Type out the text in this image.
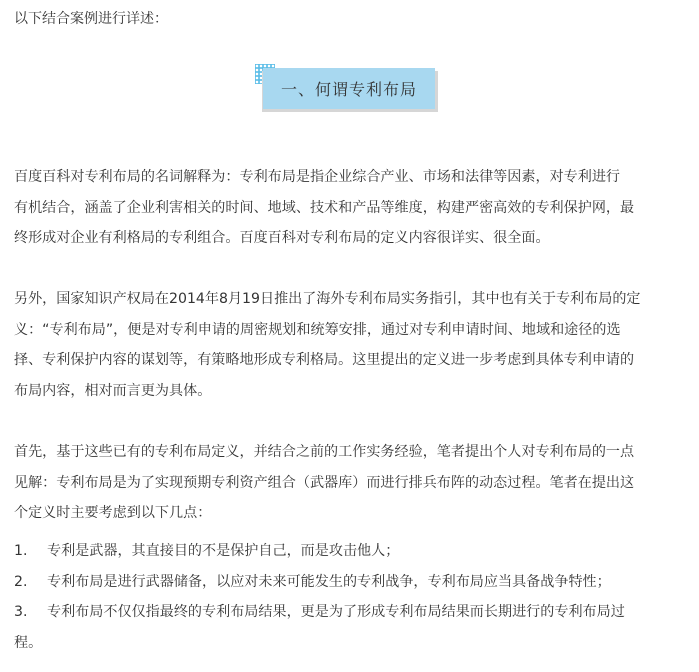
以下结合案例进行详述：
一、何谓专利布局
百度百科对专利布局的名词解释为：专利布局是指企业综合产业、市场和法律等因素，对专利进行
有机结合，涵盖了企业利害相关的时间、地域、技术和产品等维度，构建严密高效的专利保护网，最
终形成对企业有利格局的专利组合。百度百科对专利布局的定义内容很详实、很全面。
另外，国家知识产权局在2014年8月19日推出了海外专利布局实务指引，其中也有关于专利布局的定
义：“专利布局”，便是对专利申请的周密规划和统筹安排，通过对专利申请时间、地域和途径的选
择、专利保护内容的谋划等，有策略地形成专利格局。这里提出的定义进一步考虑到具体专利申请的
布局内容，相对而言更为具体。
首先，基于这些已有的专利布局定义，并结合之前的工作实务经验，笔者提出个人对专利布局的一点
见解：专利布局是为了实现预期专利资产组合（武器库）而进行排兵布阵的动态过程。笔者在提出这
个定义时主要考虑到以下几点：
1. 专利是武器，其直接目的不是保护自己，而是攻击他人；
2. 专利布局是进行武器储备，以应对未来可能发生的专利战争，专利布局应当具备战争特性；
3. 专利布局不仅仅指最终的专利布局结果，更是为了形成专利布局结果而长期进行的专利布局过
程。
